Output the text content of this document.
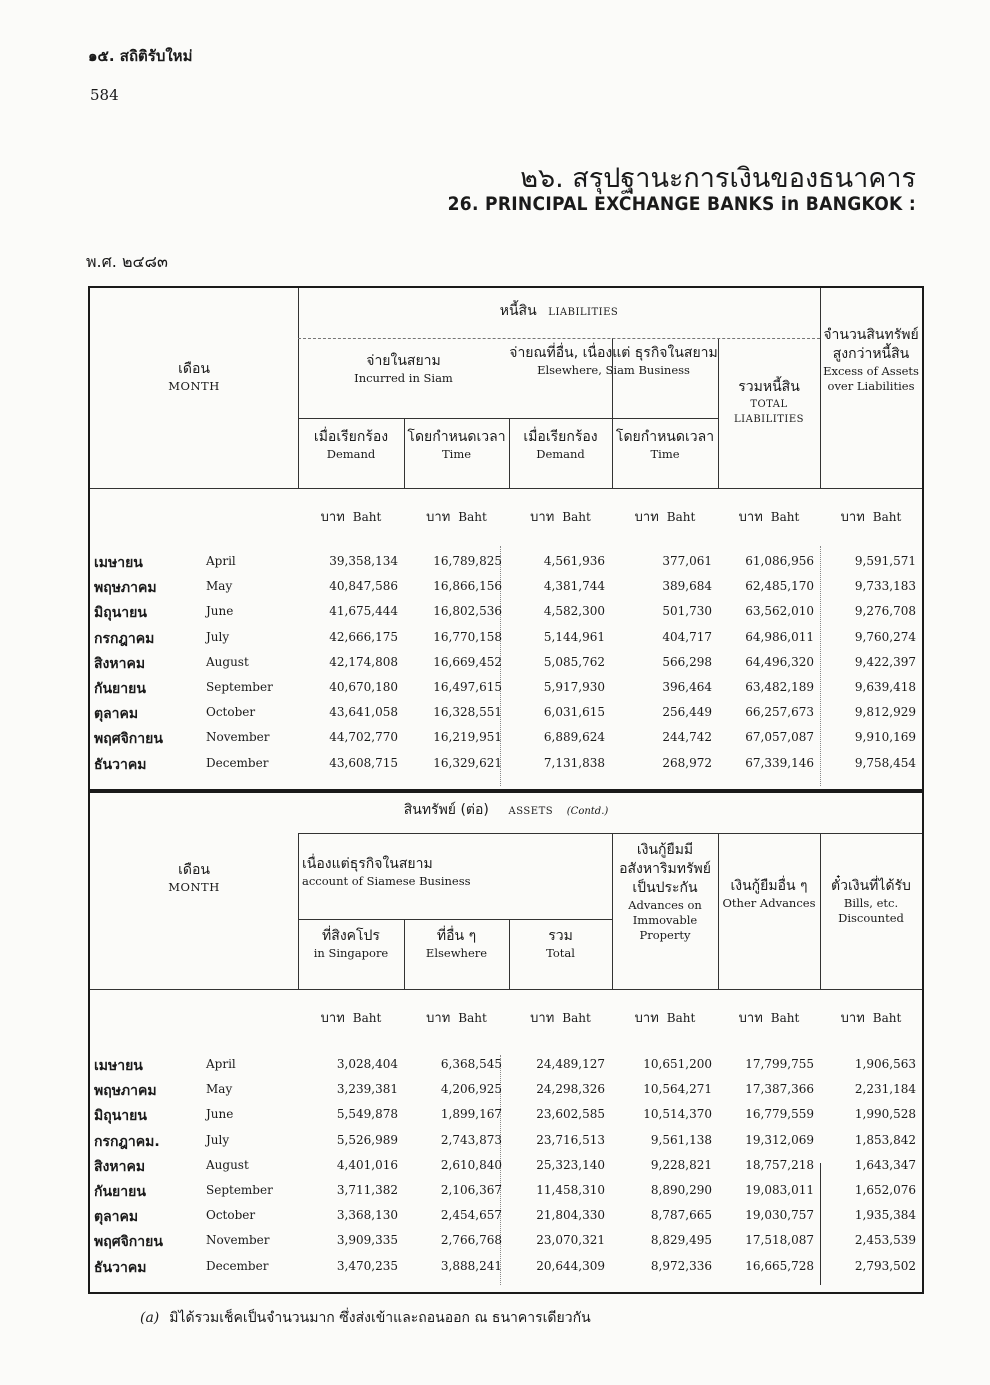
๑๕. สถิติรับใหม่
584
๒๖. สรุปฐานะการเงินของธนาคาร
26. PRINCIPAL EXCHANGE BANKS in BANGKOK :
พ.ศ. ๒๔๘๓
เดือน
MONTH
หนี้สิน LIABILITIES
จ่ายในสยาม
Incurred in Siam
จ่ายณที่อื่น, เนื่องแต่ ธุรกิจในสยาม
Elsewhere, Siam Business
เมื่อเรียกร้อง
Demand
โดยกำหนดเวลา
Time
เมื่อเรียกร้อง
Demand
โดยกำหนดเวลา
Time
รวมหนี้สิน
TOTAL LIABILITIES
จำนวนสินทรัพย์สูงกว่าหนี้สิน
Excess of Assets over Liabilities
บาท Baht	บาท Baht	บาท Baht	บาท Baht	บาท Baht	บาท Baht
เมษายน	April	39,358,134	16,789,825	4,561,936	377,061	61,086,956	9,591,571
พฤษภาคม	May	40,847,586	16,866,156	4,381,744	389,684	62,485,170	9,733,183
มิถุนายน	June	41,675,444	16,802,536	4,582,300	501,730	63,562,010	9,276,708
กรกฎาคม	July	42,666,175	16,770,158	5,144,961	404,717	64,986,011	9,760,274
สิงหาคม	August	42,174,808	16,669,452	5,085,762	566,298	64,496,320	9,422,397
กันยายน	September	40,670,180	16,497,615	5,917,930	396,464	63,482,189	9,639,418
ตุลาคม	October	43,641,058	16,328,551	6,031,615	256,449	66,257,673	9,812,929
พฤศจิกายน	November	44,702,770	16,219,951	6,889,624	244,742	67,057,087	9,910,169
ธันวาคม	December	43,608,715	16,329,621	7,131,838	268,972	67,339,146	9,758,454
สินทรัพย์ (ต่อ) ASSETS (Contd.)
เดือน
MONTH
เนื่องแต่ธุรกิจในสยาม
account of Siamese Business
ที่สิงคโปร
in Singapore
ที่อื่น ๆ
Elsewhere
รวม
Total
เงินกู้ยืมมีอสังหาริมทรัพย์เป็นประกัน
Advances on Immovable Property
เงินกู้ยืมอื่น ๆ
Other Advances
ตั๋วเงินที่ได้รับ
Bills, etc. Discounted
บาท Baht	บาท Baht	บาท Baht	บาท Baht	บาท Baht	บาท Baht
เมษายน	April	3,028,404	6,368,545	24,489,127	10,651,200	17,799,755	1,906,563
พฤษภาคม	May	3,239,381	4,206,925	24,298,326	10,564,271	17,387,366	2,231,184
มิถุนายน	June	5,549,878	1,899,167	23,602,585	10,514,370	16,779,559	1,990,528
กรกฎาคม.	July	5,526,989	2,743,873	23,716,513	9,561,138	19,312,069	1,853,842
สิงหาคม	August	4,401,016	2,610,840	25,323,140	9,228,821	18,757,218	1,643,347
กันยายน	September	3,711,382	2,106,367	11,458,310	8,890,290	19,083,011	1,652,076
ตุลาคม	October	3,368,130	2,454,657	21,804,330	8,787,665	19,030,757	1,935,384
พฤศจิกายน	November	3,909,335	2,766,768	23,070,321	8,829,495	17,518,087	2,453,539
ธันวาคม	December	3,470,235	3,888,241	20,644,309	8,972,336	16,665,728	2,793,502
(a) มิได้รวมเช็คเป็นจำนวนมาก ซึ่งส่งเข้าและถอนออก ณ ธนาคารเดียวกัน
